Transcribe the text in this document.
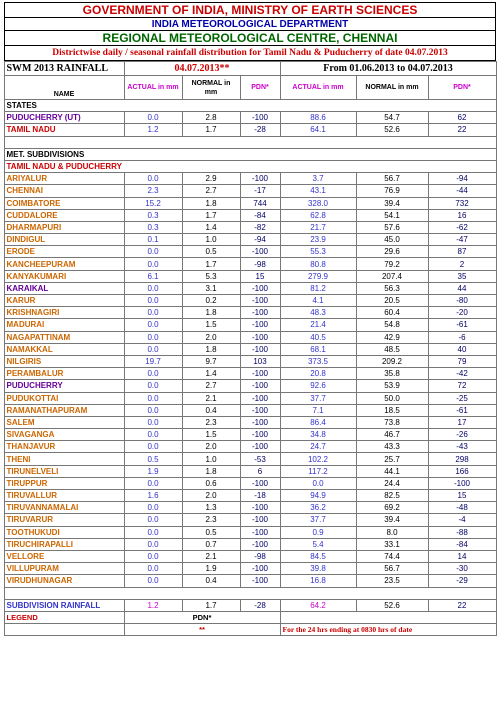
GOVERNMENT OF INDIA, MINISTRY OF EARTH SCIENCES
INDIA METEOROLOGICAL DEPARTMENT
REGIONAL METEOROLOGICAL CENTRE, CHENNAI
Districtwise daily / seasonal rainfall distribution for Tamil Nadu & Puducherry of date 04.07.2013
SWM 2013 RAINFALL	04.07.2013**			From 01.06.2013 to 04.07.2013		
NAME	ACTUAL in mm	NORMAL in mm	PDN*	ACTUAL in mm	NORMAL in mm	PDN*
STATES						
PUDUCHERRY (UT)	0.0	2.8	-100	88.6	54.7	62
TAMIL NADU	1.2	1.7	-28	64.1	52.6	22

MET. SUBDIVISIONS						
TAMIL NADU & PUDUCHERRY						
ARIYALUR	0.0	2.9	-100	3.7	56.7	-94
CHENNAI	2.3	2.7	-17	43.1	76.9	-44
COIMBATORE	15.2	1.8	744	328.0	39.4	732
CUDDALORE	0.3	1.7	-84	62.8	54.1	16
DHARMAPURI	0.3	1.4	-82	21.7	57.6	-62
DINDIGUL	0.1	1.0	-94	23.9	45.0	-47
ERODE	0.0	0.5	-100	55.3	29.6	87
KANCHEEPURAM	0.0	1.7	-98	80.8	79.2	2
KANYAKUMARI	6.1	5.3	15	279.9	207.4	35
KARAIKAL	0.0	3.1	-100	81.2	56.3	44
KARUR	0.0	0.2	-100	4.1	20.5	-80
KRISHNAGIRI	0.0	1.8	-100	48.3	60.4	-20
MADURAI	0.0	1.5	-100	21.4	54.8	-61
NAGAPATTINAM	0.0	2.0	-100	40.5	42.9	-6
NAMAKKAL	0.0	1.8	-100	68.1	48.5	40
NILGIRIS	19.7	9.7	103	373.5	209.2	79
PERAMBALUR	0.0	1.4	-100	20.8	35.8	-42
PUDUCHERRY	0.0	2.7	-100	92.6	53.9	72
PUDUKOTTAI	0.0	2.1	-100	37.7	50.0	-25
RAMANATHAPURAM	0.0	0.4	-100	7.1	18.5	-61
SALEM	0.0	2.3	-100	86.4	73.8	17
SIVAGANGA	0.0	1.5	-100	34.8	46.7	-26
THANJAVUR	0.0	2.0	-100	24.7	43.3	-43
THENI	0.5	1.0	-53	102.2	25.7	298
TIRUNELVELI	1.9	1.8	6	117.2	44.1	166
TIRUPPUR	0.0	0.6	-100	0.0	24.4	-100
TIRUVALLUR	1.6	2.0	-18	94.9	82.5	15
TIRUVANNAMALAI	0.0	1.3	-100	36.2	69.2	-48
TIRUVARUR	0.0	2.3	-100	37.7	39.4	-4
TOOTHUKUDI	0.0	0.5	-100	0.9	8.0	-88
TIRUCHIRAPALLI	0.0	0.7	-100	5.4	33.1	-84
VELLORE	0.0	2.1	-98	84.5	74.4	14
VILLUPURAM	0.0	1.9	-100	39.8	56.7	-30
VIRUDHUNAGAR	0.0	0.4	-100	16.8	23.5	-29

SUBDIVISION RAINFALL	1.2	1.7	-28	64.2	52.6	22
LEGEND	PDN*					
	**			For the 24 hrs ending at 0830 hrs of date		
